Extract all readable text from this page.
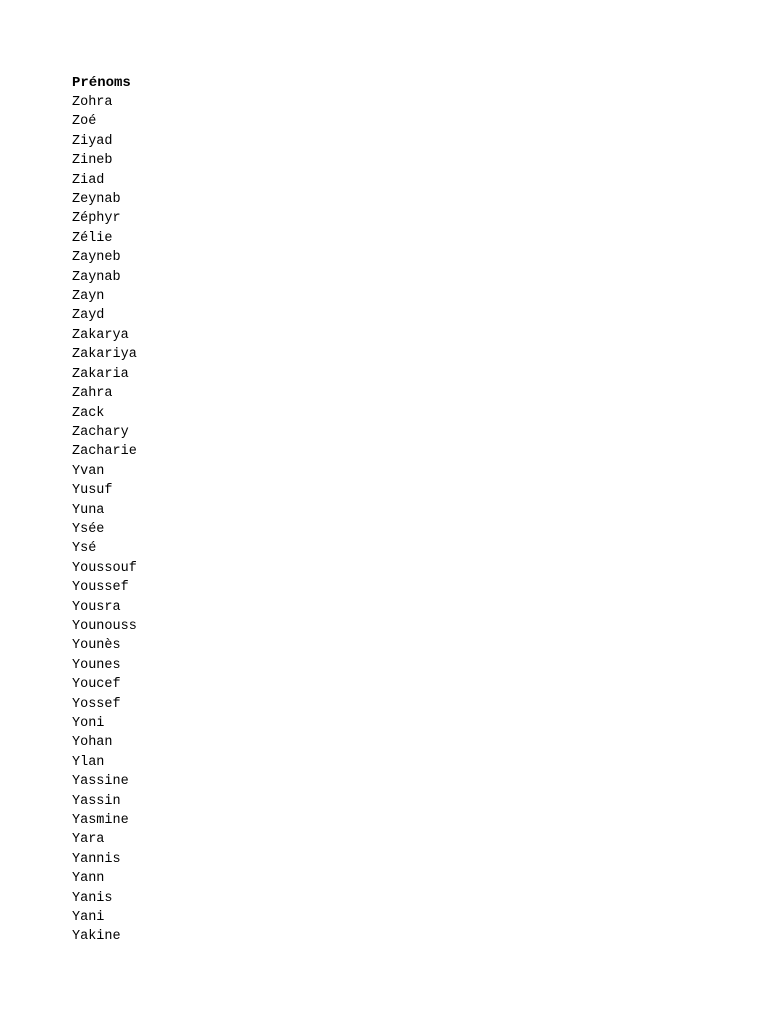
Prénoms
Zohra
Zoé
Ziyad
Zineb
Ziad
Zeynab
Zéphyr
Zélie
Zayneb
Zaynab
Zayn
Zayd
Zakarya
Zakariya
Zakaria
Zahra
Zack
Zachary
Zacharie
Yvan
Yusuf
Yuna
Ysée
Ysé
Youssouf
Youssef
Yousra
Younouss
Younès
Younes
Youcef
Yossef
Yoni
Yohan
Ylan
Yassine
Yassin
Yasmine
Yara
Yannis
Yann
Yanis
Yani
Yakine
